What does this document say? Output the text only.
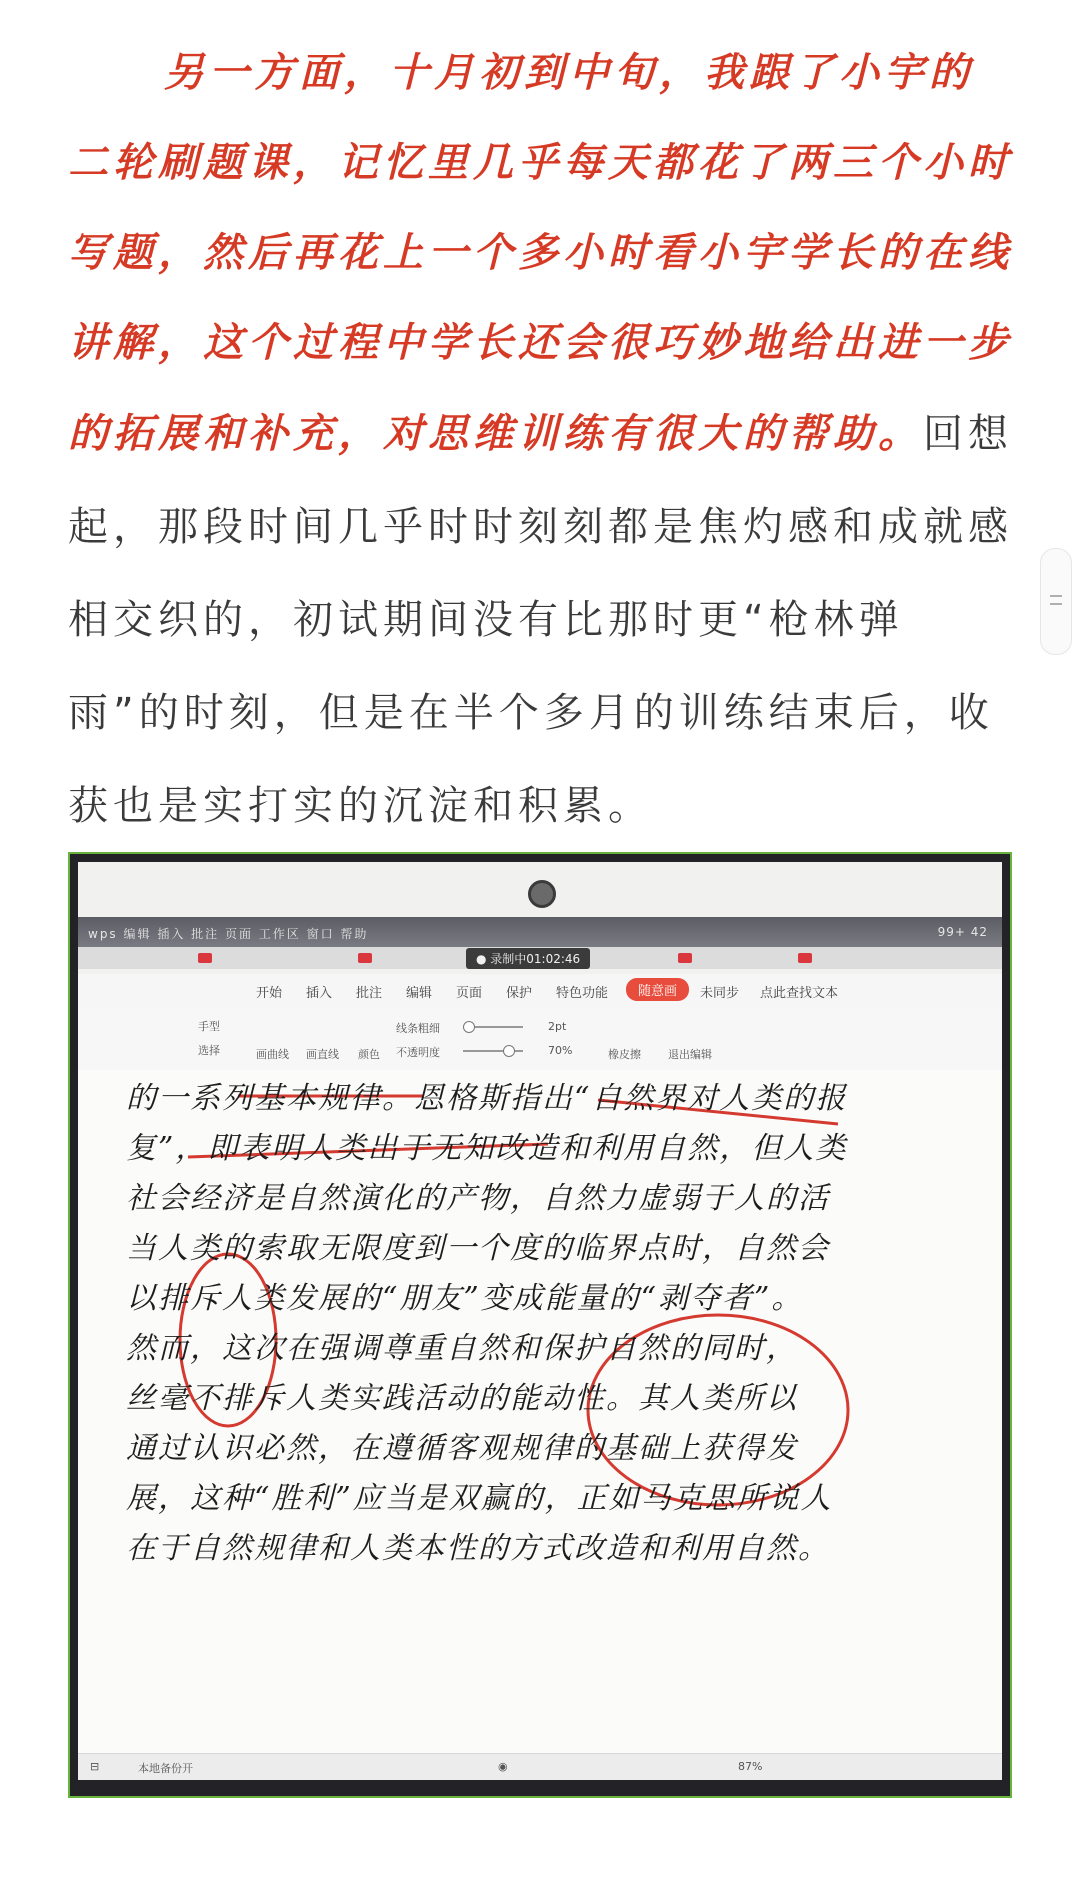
另一方面，十月初到中旬，我跟了小宇的二轮刷题课，记忆里几乎每天都花了两三个小时写题，然后再花上一个多小时看小宇学长的在线讲解，这个过程中学长还会很巧妙地给出进一步的拓展和补充，对思维训练有很大的帮助。回想起，那段时间几乎时时刻刻都是焦灼感和成就感相交织的，初试期间没有比那时更“枪林弹雨”的时刻，但是在半个多月的训练结束后，收获也是实打实的沉淀和积累。

wps 编辑 插入 批注 页面 工作区 窗口 帮助	99+ 42
● 录制中01:02:46
开始 插入 批注 编辑 页面 保护 特色功能	随意画	未同步 点此查找文本
手型
选择	画曲线 画直线 颜色
线条粗细
不透明度
2pt
70%	橡皮擦 退出编辑

的一系列基本规律。恩格斯指出“自然界对人类的报

复”，即表明人类出于无知改造和利用自然，但人类

社会经济是自然演化的产物，自然力虚弱于人的活

当人类的索取无限度到一个度的临界点时，自然会

以排斥人类发展的“朋友”变成能量的“剥夺者”。

然而，这次在强调尊重自然和保护自然的同时，

丝毫不排斥人类实践活动的能动性。其人类所以

通过认识必然，在遵循客观规律的基础上获得发

展，这种“胜利”应当是双赢的，正如马克思所说人

在于自然规律和人类本性的方式改造和利用自然。

⊟	本地备份开	◉	87%
